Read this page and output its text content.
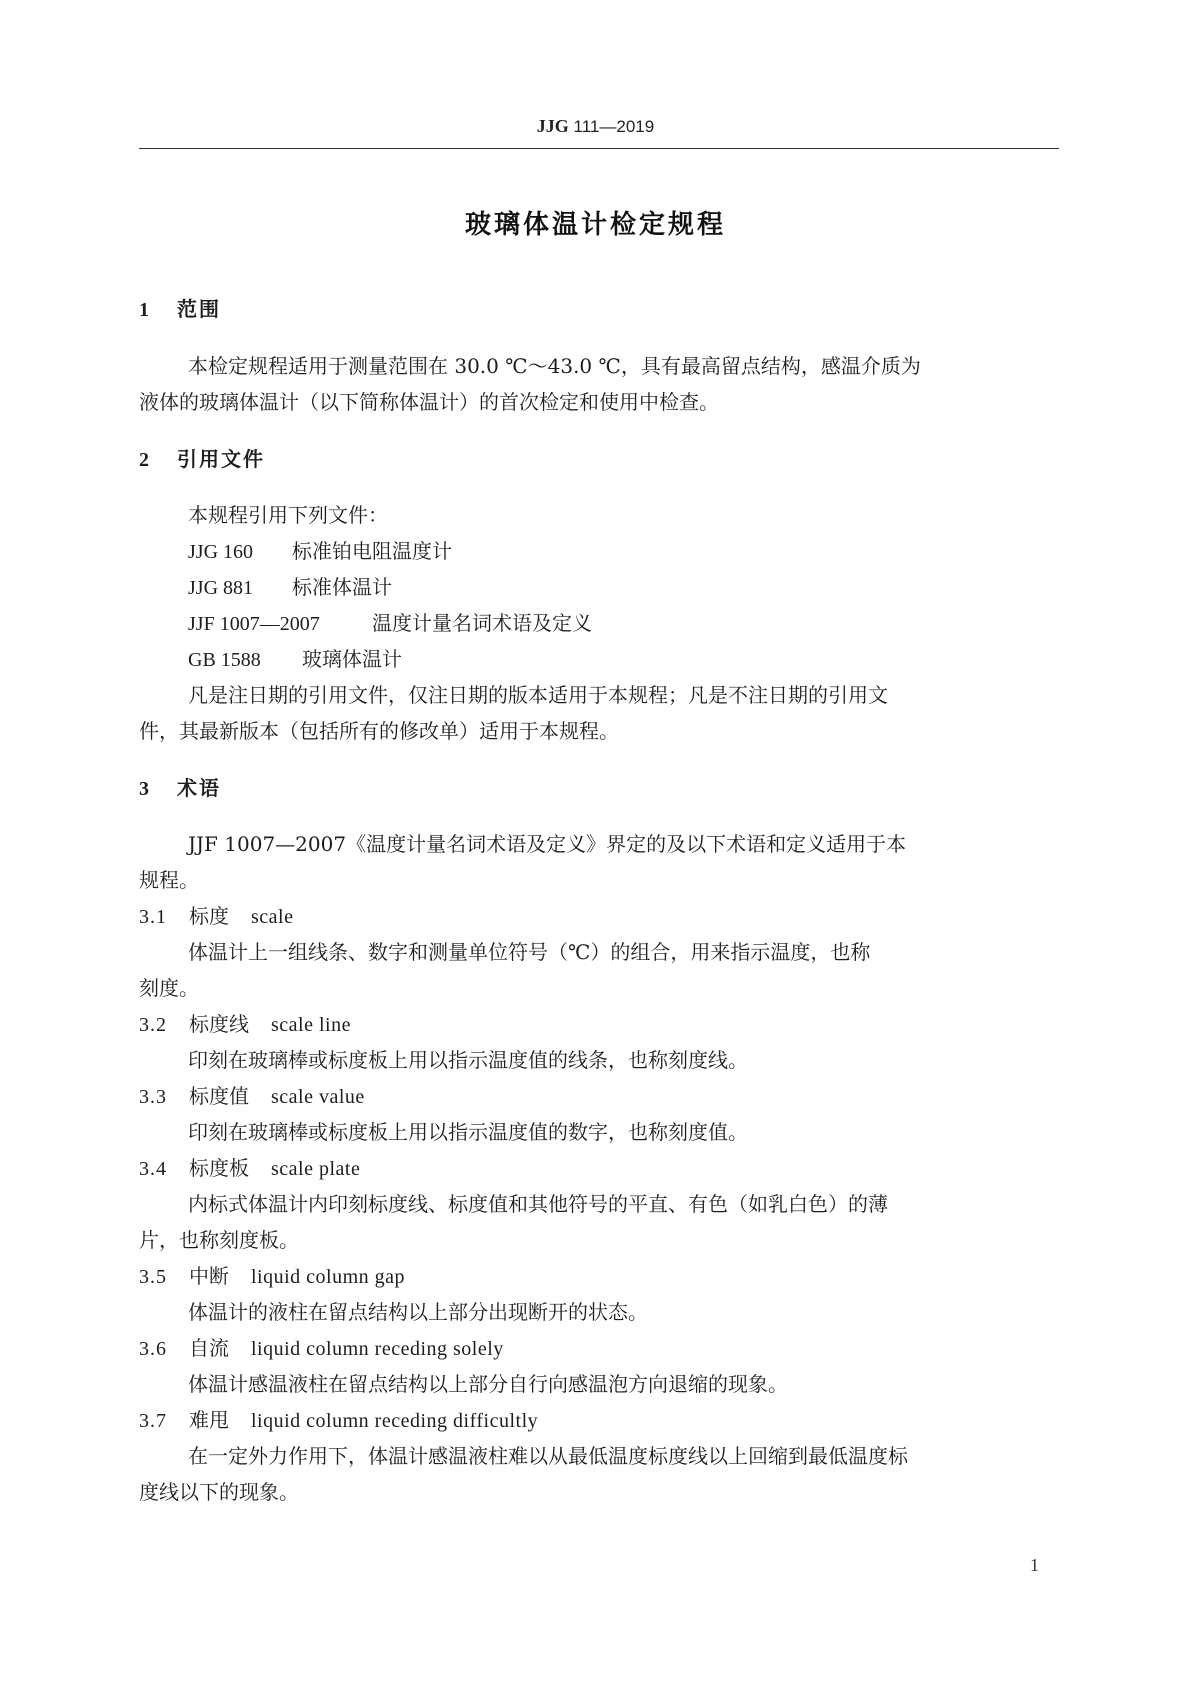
JJG 111—2019
玻璃体温计检定规程
1 范围
本检定规程适用于测量范围在 30.0 ℃～43.0 ℃，具有最高留点结构，感温介质为
液体的玻璃体温计（以下简称体温计）的首次检定和使用中检查。
2 引用文件
本规程引用下列文件：
JJG 160 标准铂电阻温度计
JJG 881 标准体温计
JJF 1007—2007	温度计量名词术语及定义
GB 1588 玻璃体温计
凡是注日期的引用文件，仅注日期的版本适用于本规程；凡是不注日期的引用文
件，其最新版本（包括所有的修改单）适用于本规程。
3 术语
JJF 1007—2007《温度计量名词术语及定义》界定的及以下术语和定义适用于本
规程。
3.1 标度 scale
体温计上一组线条、数字和测量单位符号（℃）的组合，用来指示温度，也称
刻度。
3.2 标度线 scale line
印刻在玻璃棒或标度板上用以指示温度值的线条，也称刻度线。
3.3 标度值 scale value
印刻在玻璃棒或标度板上用以指示温度值的数字，也称刻度值。
3.4 标度板 scale plate
内标式体温计内印刻标度线、标度值和其他符号的平直、有色（如乳白色）的薄
片，也称刻度板。
3.5 中断 liquid column gap
体温计的液柱在留点结构以上部分出现断开的状态。
3.6 自流 liquid column receding solely
体温计感温液柱在留点结构以上部分自行向感温泡方向退缩的现象。
3.7 难甩 liquid column receding difficultly
在一定外力作用下，体温计感温液柱难以从最低温度标度线以上回缩到最低温度标
度线以下的现象。
1
